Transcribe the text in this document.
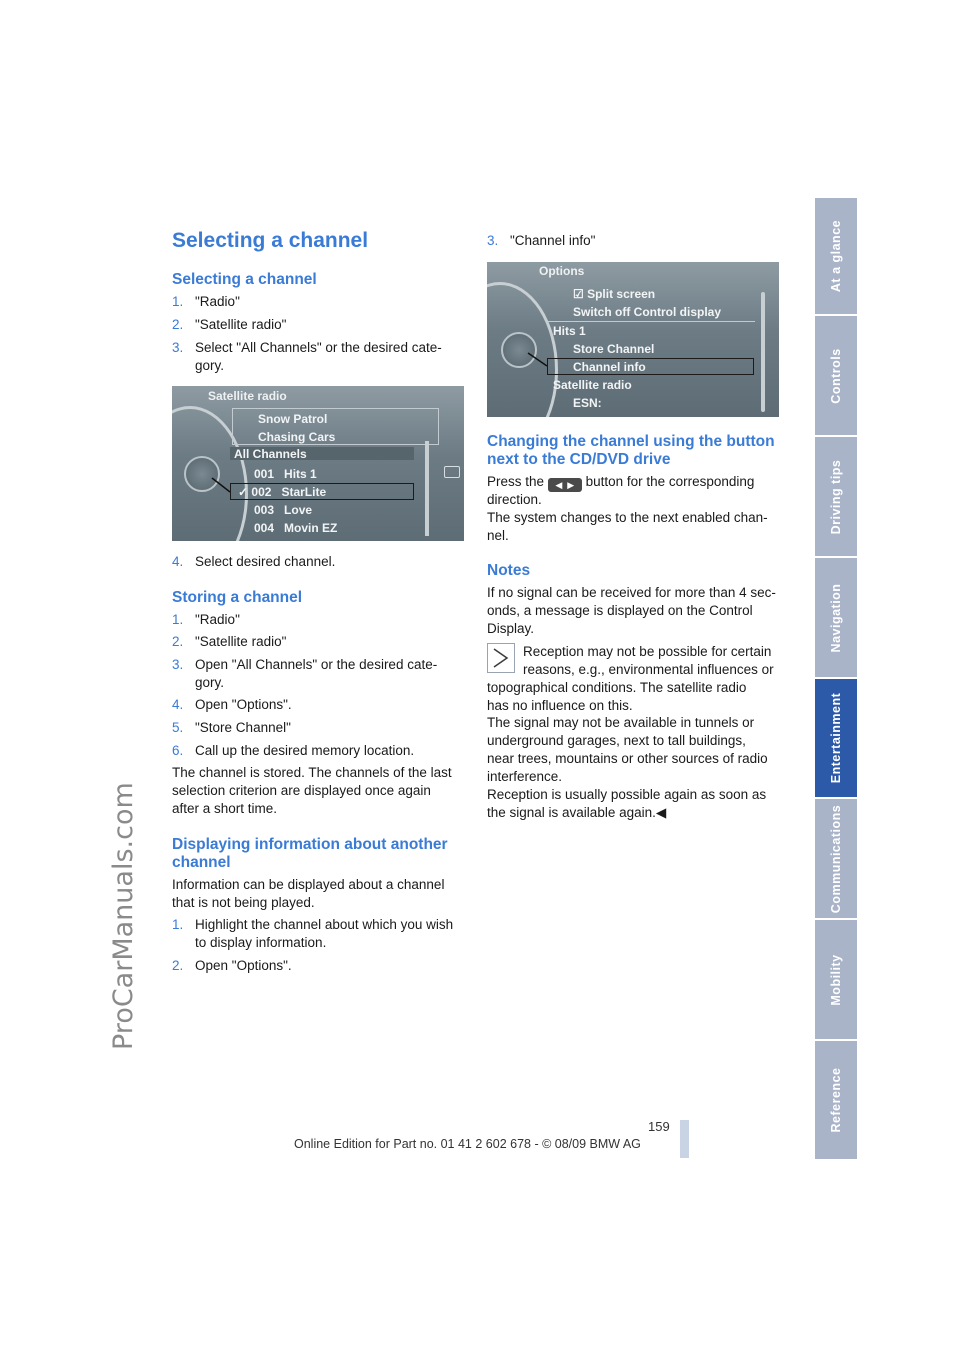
ProCarManuals.com
Selecting a channel
Selecting a channel
1. "Radio"
2. "Satellite radio"
3. Select "All Channels" or the desired cate-
gory.
Satellite radio
Snow Patrol
Chasing Cars
All Channels
001 Hits 1
✓ 002 StarLite
003 Love
004 Movin EZ
4. Select desired channel.
Storing a channel
1. "Radio"
2. "Satellite radio"
3. Open "All Channels" or the desired cate-
gory.
4. Open "Options".
5. "Store Channel"
6. Call up the desired memory location.
The channel is stored. The channels of the last
selection criterion are displayed once again
after a short time.
Displaying information about another
channel
Information can be displayed about a channel
that is not being played.
1. Highlight the channel about which you wish
to display information.
2. Open "Options".
3. "Channel info"
Options
☑ Split screen
Switch off Control display
Hits 1
Store Channel
Channel info
Satellite radio
ESN:
Changing the channel using the button
next to the CD/DVD drive
Press the ◀  ▶ button for the corresponding
direction.
The system changes to the next enabled chan-
nel.
Notes
If no signal can be received for more than 4 sec-
onds, a message is displayed on the Control
Display.
Reception may not be possible for certain
reasons, e.g., environmental influences or
topographical conditions. The satellite radio
has no influence on this.
The signal may not be available in tunnels or
underground garages, next to tall buildings,
near trees, mountains or other sources of radio
interference.
Reception is usually possible again as soon as
the signal is available again.◀
At a glance
Controls
Driving tips
Navigation
Entertainment
Communications
Mobility
Reference
159
Online Edition for Part no. 01 41 2 602 678 - © 08/09 BMW AG
